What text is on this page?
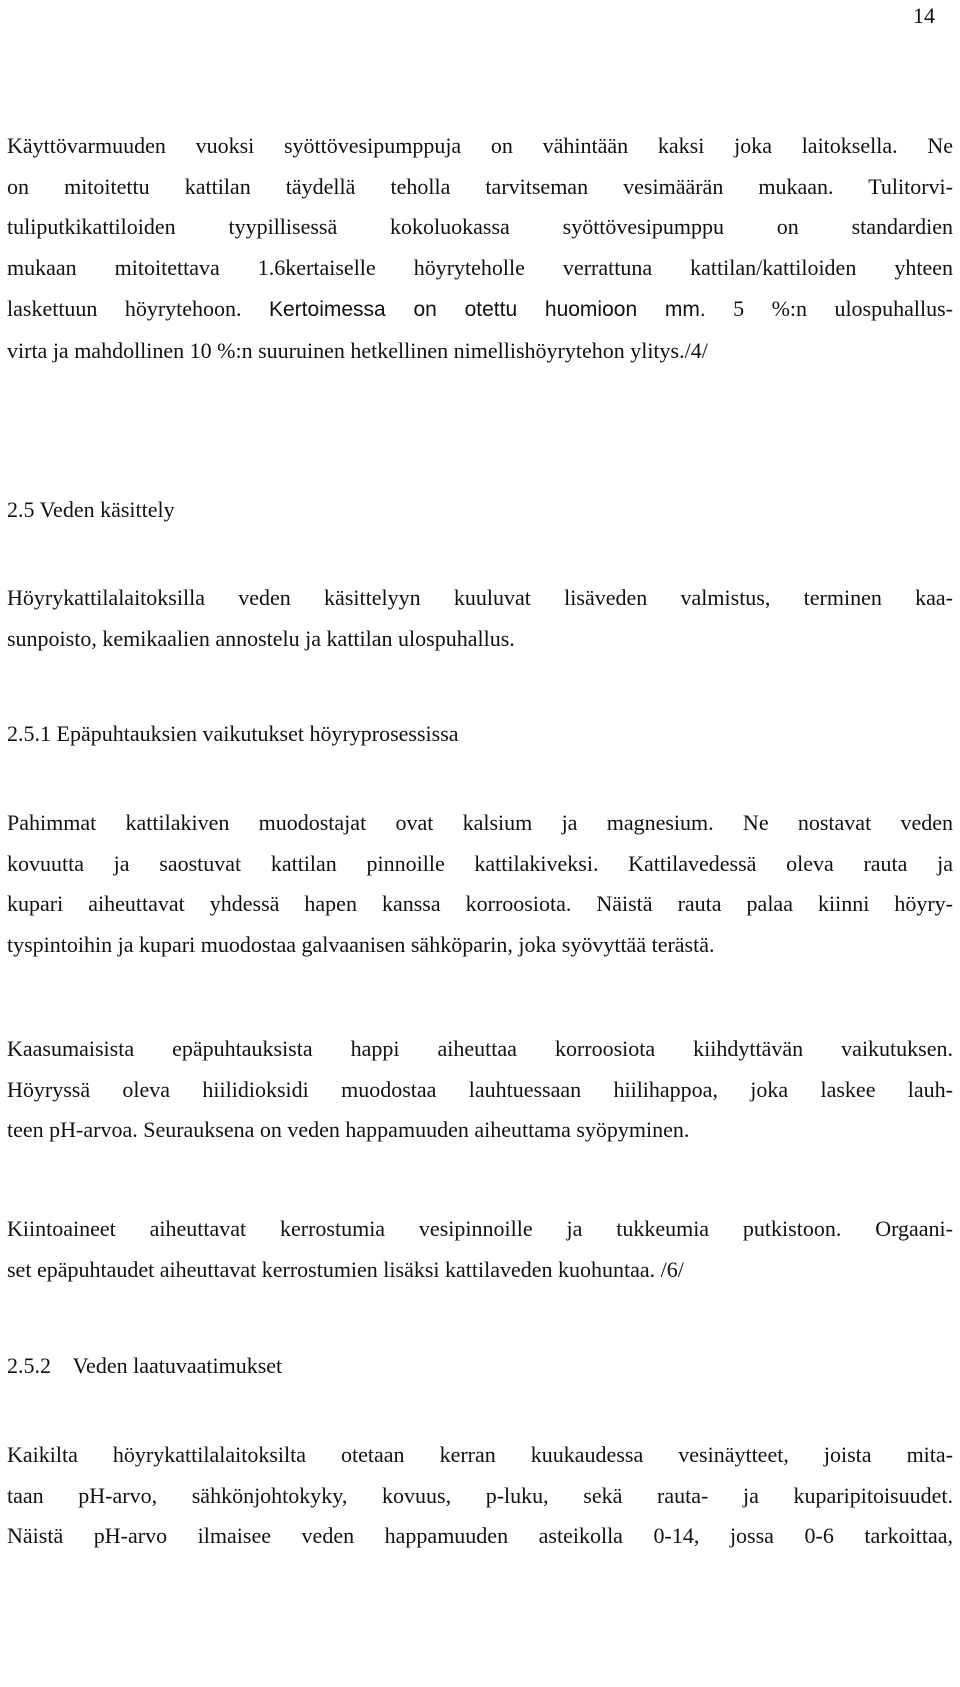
14
Käyttövarmuuden vuoksi syöttövesipumppuja on vähintään kaksi joka laitoksella. Ne
on mitoitettu kattilan täydellä teholla tarvitseman vesimäärän mukaan. Tulitorvi-
tuliputkikattiloiden tyypillisessä kokoluokassa syöttövesipumppu on standardien
mukaan mitoitettava 1.6kertaiselle höyryteholle verrattuna kattilan/kattiloiden yhteen
laskettuun höyrytehoon. Kertoimessa on otettu huomioon mm. 5 %:n ulospuhallus-
virta ja mahdollinen 10 %:n suuruinen hetkellinen nimellishöyrytehon ylitys./4/
2.5 Veden käsittely
Höyrykattilalaitoksilla veden käsittelyyn kuuluvat lisäveden valmistus, terminen kaa-
sunpoisto, kemikaalien annostelu ja kattilan ulospuhallus.
2.5.1 Epäpuhtauksien vaikutukset höyryprosessissa
Pahimmat kattilakiven muodostajat ovat kalsium ja magnesium. Ne nostavat veden
kovuutta ja saostuvat kattilan pinnoille kattilakiveksi. Kattilavedessä oleva rauta ja
kupari aiheuttavat yhdessä hapen kanssa korroosiota. Näistä rauta palaa kiinni höyry-
tyspintoihin ja kupari muodostaa galvaanisen sähköparin, joka syövyttää terästä.
Kaasumaisista epäpuhtauksista happi aiheuttaa korroosiota kiihdyttävän vaikutuksen.
Höyryssä oleva hiilidioksidi muodostaa lauhtuessaan hiilihappoa, joka laskee lauh-
teen pH-arvoa. Seurauksena on veden happamuuden aiheuttama syöpyminen.
Kiintoaineet aiheuttavat kerrostumia vesipinnoille ja tukkeumia putkistoon. Orgaani-
set epäpuhtaudet aiheuttavat kerrostumien lisäksi kattilaveden kuohuntaa. /6/
2.5.2    Veden laatuvaatimukset
Kaikilta höyrykattilalaitoksilta otetaan kerran kuukaudessa vesinäytteet, joista mita-
taan pH-arvo, sähkönjohtokyky, kovuus, p-luku, sekä rauta- ja kuparipitoisuudet.
Näistä pH-arvo ilmaisee veden happamuuden asteikolla 0-14, jossa 0-6 tarkoittaa,
